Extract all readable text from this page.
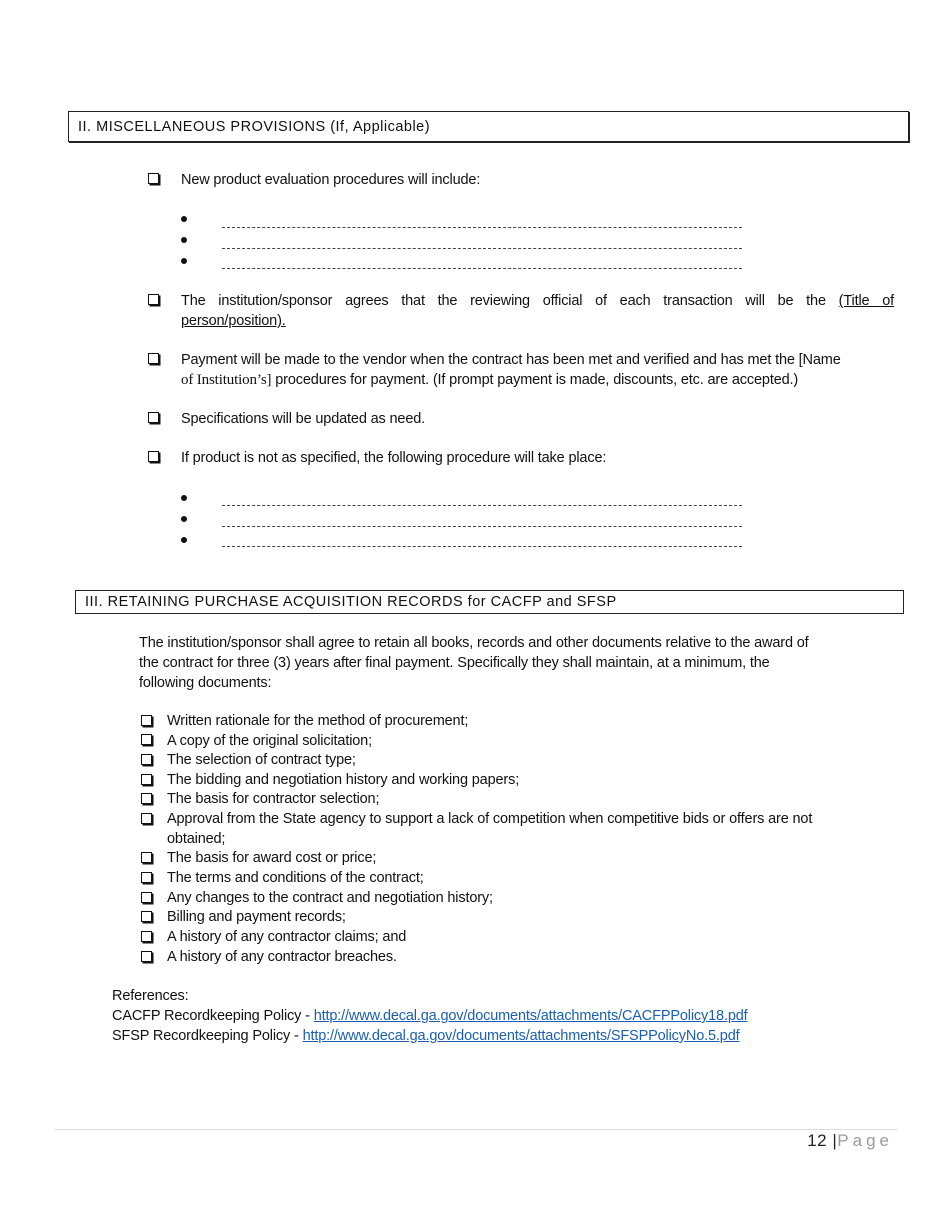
II. MISCELLANEOUS PROVISIONS (If, Applicable)
New product evaluation procedures will include:
The institution/sponsor agrees that the reviewing official of each transaction will be the (Title of
person/position).
Payment will be made to the vendor when the contract has been met and verified and has met the [Name
of Institution’s] procedures for payment. (If prompt payment is made, discounts, etc. are accepted.)
Specifications will be updated as need.
If product is not as specified, the following procedure will take place:
III. RETAINING PURCHASE ACQUISITION RECORDS for CACFP and SFSP
The institution/sponsor shall agree to retain all books, records and other documents relative to the award of
the contract for three (3) years after final payment. Specifically they shall maintain, at a minimum, the
following documents:
Written rationale for the method of procurement;
A copy of the original solicitation;
The selection of contract type;
The bidding and negotiation history and working papers;
The basis for contractor selection;
Approval from the State agency to support a lack of competition when competitive bids or offers are not
obtained;
The basis for award cost or price;
The terms and conditions of the contract;
Any changes to the contract and negotiation history;
Billing and payment records;
A history of any contractor claims; and
A history of any contractor breaches.
References:
CACFP Recordkeeping Policy - http://www.decal.ga.gov/documents/attachments/CACFPPolicy18.pdf
SFSP Recordkeeping Policy - http://www.decal.ga.gov/documents/attachments/SFSPPolicyNo.5.pdf
12 |Page
